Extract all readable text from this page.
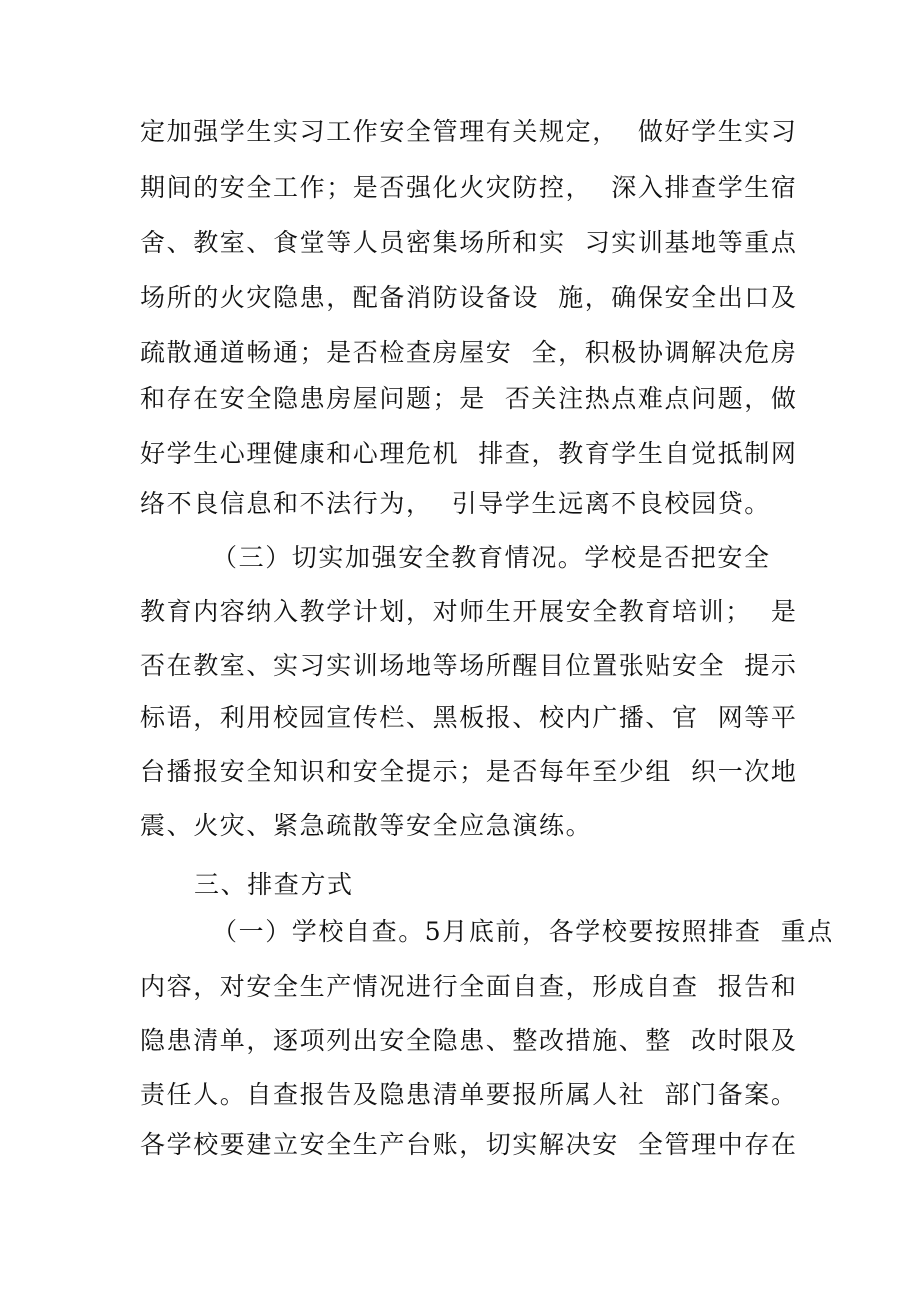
定加强学生实习工作安全管理有关规定，  做好学生实习
期间的安全工作；是否强化火灾防控，  深入排查学生宿
舍、教室、食堂等人员密集场所和实  习实训基地等重点
场所的火灾隐患，配备消防设备设  施，确保安全出口及
疏散通道畅通；是否检查房屋安  全，积极协调解决危房
和存在安全隐患房屋问题；是  否关注热点难点问题，做
好学生心理健康和心理危机  排查，教育学生自觉抵制网
络不良信息和不法行为，  引导学生远离不良校园贷。
（三）切实加强安全教育情况。学校是否把安全
教育内容纳入教学计划，对师生开展安全教育培训；  是
否在教室、实习实训场地等场所醒目位置张贴安全  提示
标语，利用校园宣传栏、黑板报、校内广播、官  网等平
台播报安全知识和安全提示；是否每年至少组  织一次地
震、火灾、紧急疏散等安全应急演练。
三、排查方式
（一）学校自查。5月底前，各学校要按照排查  重点
内容，对安全生产情况进行全面自查，形成自查  报告和
隐患清单，逐项列出安全隐患、整改措施、整  改时限及
责任人。自查报告及隐患清单要报所属人社  部门备案。
各学校要建立安全生产台账，切实解决安  全管理中存在
